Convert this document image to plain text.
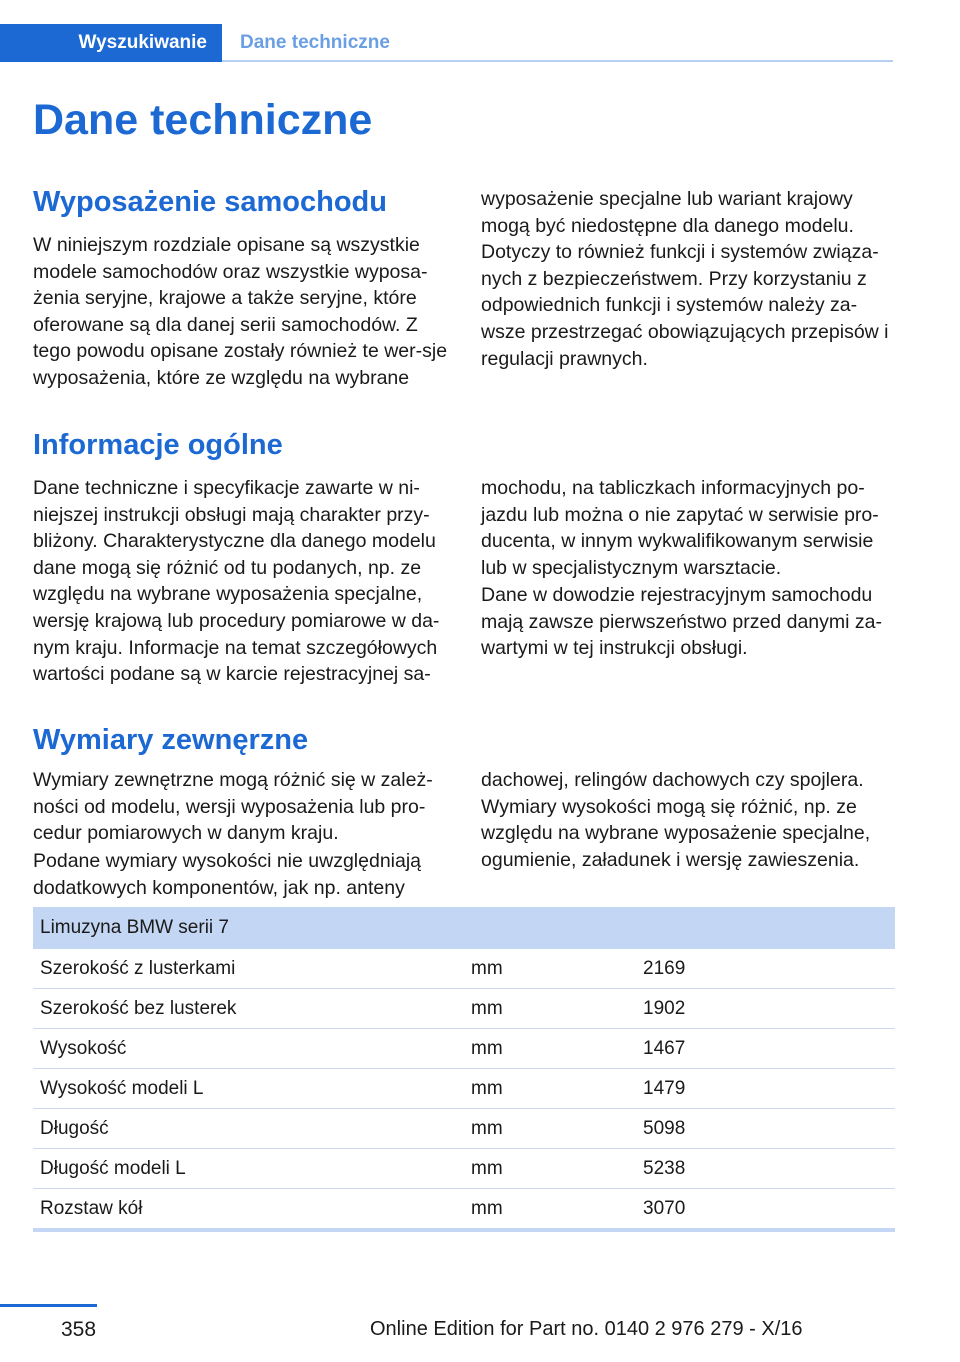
Wyszukiwanie	Dane techniczne
Dane techniczne
Wyposażenie samochodu

W niniejszym rozdziale opisane są wszystkie modele samochodów oraz wszystkie wyposa‐żenia seryjne, krajowe a także seryjne, które oferowane są dla danej serii samochodów. Z tego powodu opisane zostały również te wer‐sje wyposażenia, które ze względu na wybrane

wyposażenie specjalne lub wariant krajowy mogą być niedostępne dla danego modelu. Dotyczy to również funkcji i systemów związa‐nych z bezpieczeństwem. Przy korzystaniu z odpowiednich funkcji i systemów należy za‐wsze przestrzegać obowiązujących przepisów i regulacji prawnych.

Informacje ogólne

Dane techniczne i specyfikacje zawarte w ni‐niejszej instrukcji obsługi mają charakter przy‐bliżony. Charakterystyczne dla danego modelu dane mogą się różnić od tu podanych, np. ze względu na wybrane wyposażenia specjalne, wersję krajową lub procedury pomiarowe w da‐nym kraju. Informacje na temat szczegółowych wartości podane są w karcie rejestracyjnej sa‐

mochodu, na tabliczkach informacyjnych po‐jazdu lub można o nie zapytać w serwisie pro‐ducenta, w innym wykwalifikowanym serwisie lub w specjalistycznym warsztacie.

Dane w dowodzie rejestracyjnym samochodu mają zawsze pierwszeństwo przed danymi za‐wartymi w tej instrukcji obsługi.

Wymiary zewnęrzne

Wymiary zewnętrzne mogą różnić się w zależ‐ności od modelu, wersji wyposażenia lub pro‐cedur pomiarowych w danym kraju.

Podane wymiary wysokości nie uwzględniają dodatkowych komponentów, jak np. anteny

dachowej, relingów dachowych czy spojlera. Wymiary wysokości mogą się różnić, np. ze względu na wybrane wyposażenie specjalne, ogumienie, załadunek i wersję zawieszenia.

Limuzyna BMW serii 7
Szerokość z lusterkami	mm	2169
Szerokość bez lusterek	mm	1902
Wysokość	mm	1467
Wysokość modeli L	mm	1479
Długość	mm	5098
Długość modeli L	mm	5238
Rozstaw kół	mm	3070
358	Online Edition for Part no. 0140 2 976 279 - X/16
